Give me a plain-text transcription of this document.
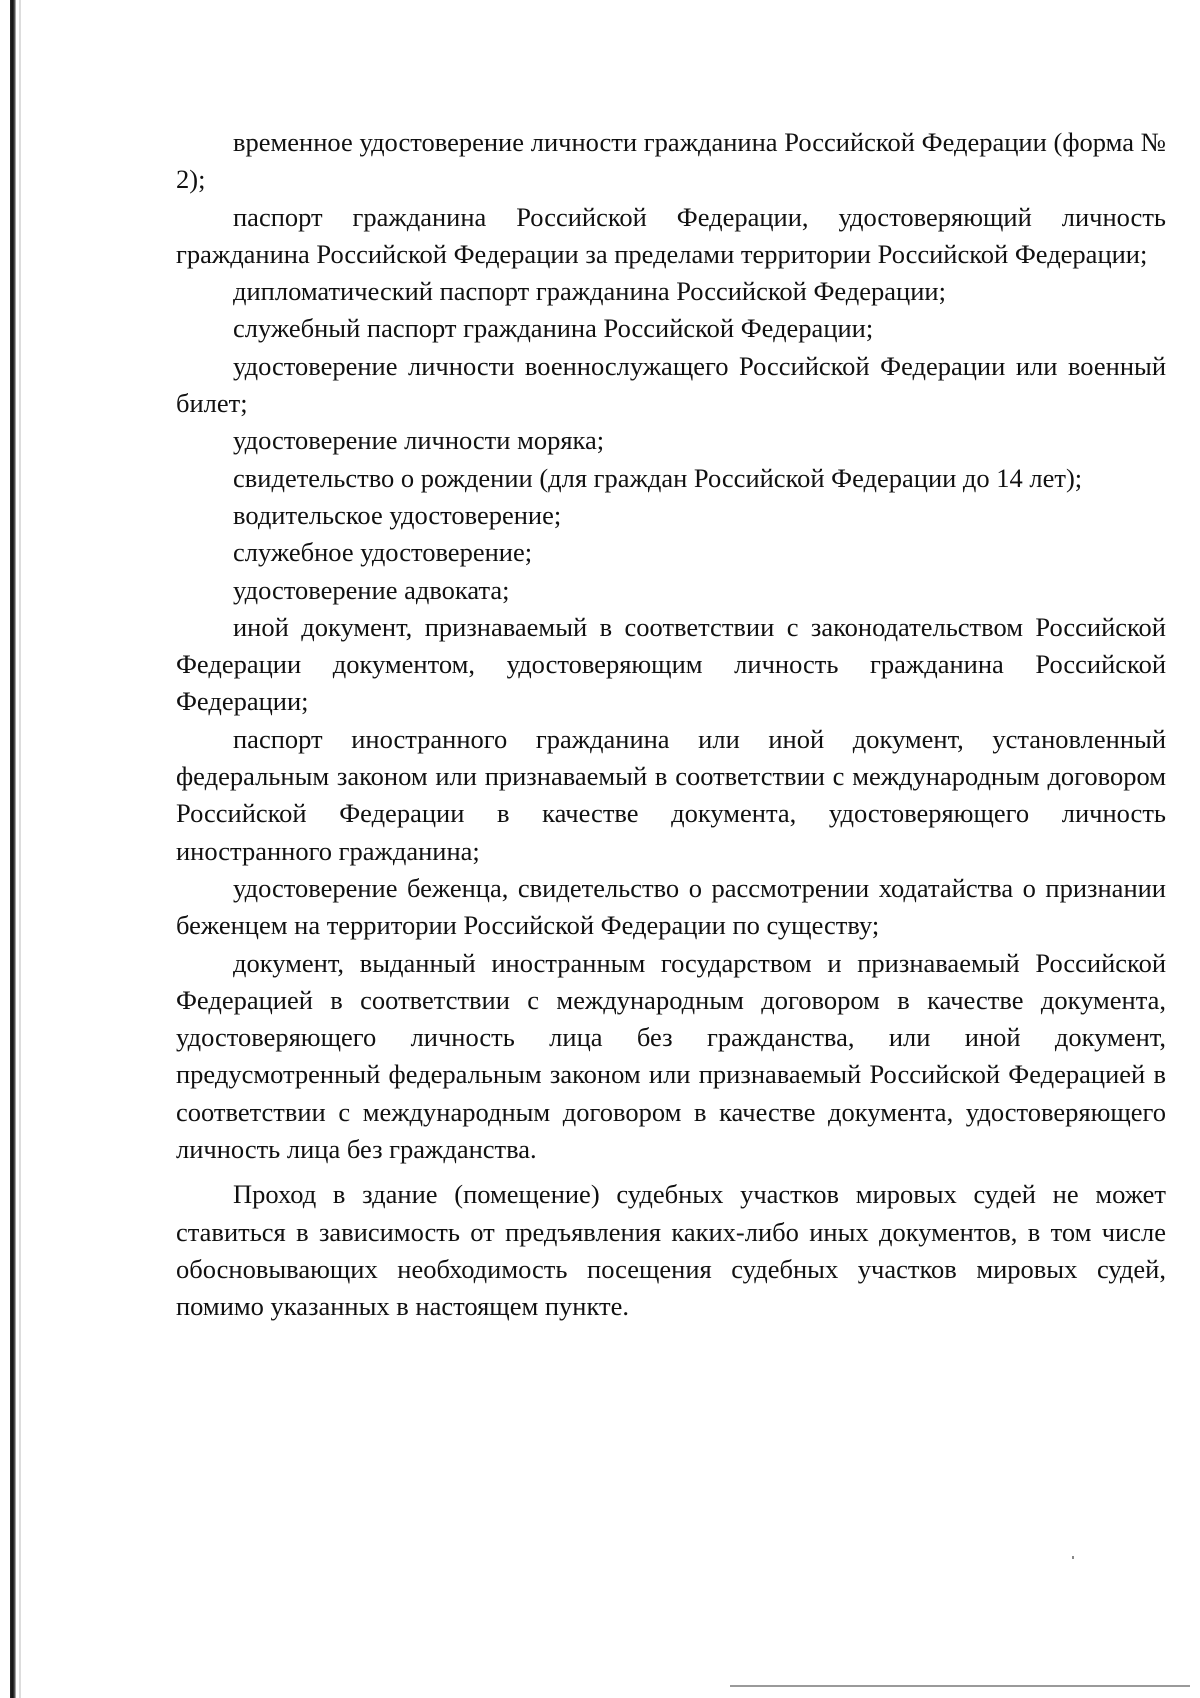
временное удостоверение личности гражданина Российской Федерации (форма № 2);

паспорт гражданина Российской Федерации, удостоверяющий личность гражданина Российской Федерации за пределами территории Российской Федерации;

дипломатический паспорт гражданина Российской Федерации;

служебный паспорт гражданина Российской Федерации;

удостоверение личности военнослужащего Российской Федерации или военный билет;

удостоверение личности моряка;

свидетельство о рождении (для граждан Российской Федерации до 14 лет);

водительское удостоверение;

служебное удостоверение;

удостоверение адвоката;

иной документ, признаваемый в соответствии с законодательством Российской Федерации документом, удостоверяющим личность гражданина Российской Федерации;

паспорт иностранного гражданина или иной документ, установленный федеральным законом или признаваемый в соответствии с международным договором Российской Федерации в качестве документа, удостоверяющего личность иностранного гражданина;

удостоверение беженца, свидетельство о рассмотрении ходатайства о признании беженцем на территории Российской Федерации по существу;

документ, выданный иностранным государством и признаваемый Российской Федерацией в соответствии с международным договором в качестве документа, удостоверяющего личность лица без гражданства, или иной документ, предусмотренный федеральным законом или признаваемый Российской Федерацией в соответствии с международным договором в качестве документа, удостоверяющего личность лица без гражданства.

Проход в здание (помещение) судебных участков мировых судей не может ставиться в зависимость от предъявления каких-либо иных документов, в том числе обосновывающих необходимость посещения судебных участков мировых судей, помимо указанных в настоящем пункте.
